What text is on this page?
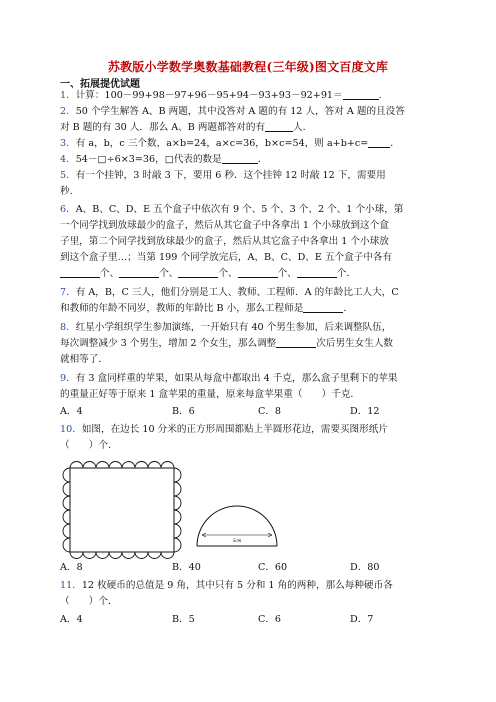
苏教版小学数学奥数基础教程(三年级)图文百度文库
一、拓展提优试题
1．计算：100－99+98－97+96－95+94－93+93－92+91＝	.
2．50 个学生解答 A、B 两题，其中没答对 A 题的有 12 人，答对 A 题的且没答
对 B 题的有 30 人．那么 A、B 两题都答对的有	人．
3．有 a，b，c 三个数，a×b=24，a×c=36，b×c=54，则 a+b+c= ．
4．54－□÷6×3=36，□代表的数是	．
5．有一个挂钟，3 时敲 3 下，要用 6 秒．这个挂钟 12 时敲 12 下，需要用
秒．
6．A、B、C、D、E 五个盒子中依次有 9 个、5 个、3 个、2 个、1 个小球，第
一个同学找到放球最少的盒子，然后从其它盒子中各拿出 1 个小球放到这个盒
子里，第二个同学找到放球最少的盒子，然后从其它盒子中各拿出 1 个小球放
到这个盒子里…；当第 199 个同学放完后，A、B、C、D、E 五个盒子中各有
个、	个、	个、	个、	个．
7．有 A，B，C 三人，他们分别是工人、教师、工程师．A 的年龄比工人大，C
和教师的年龄不同岁，教师的年龄比 B 小，那么工程师是	．
8．红星小学组织学生参加演练，一开始只有 40 个男生参加，后来调整队伍，
每次调整减少 3 个男生，增加 2 个女生，那么调整	次后男生女生人数
就相等了．
9．有 3 盒同样重的苹果，如果从每盒中都取出 4 千克，那么盒子里剩下的苹果
的重量正好等于原来 1 盒苹果的重量，原来每盒苹果重（　　）千克．
A．4	B．6	C．8	D．12
10．如图，在边长 10 分米的正方形周围都贴上半圆形花边，需要买图形纸片
（　　）个．
5cm
A．8	B．40	C．60	D．80
11．12 枚硬币的总值是 9 角，其中只有 5 分和 1 角的两种，那么每种硬币各
（　　）个．
A．4	B．5	C．6	D．7
